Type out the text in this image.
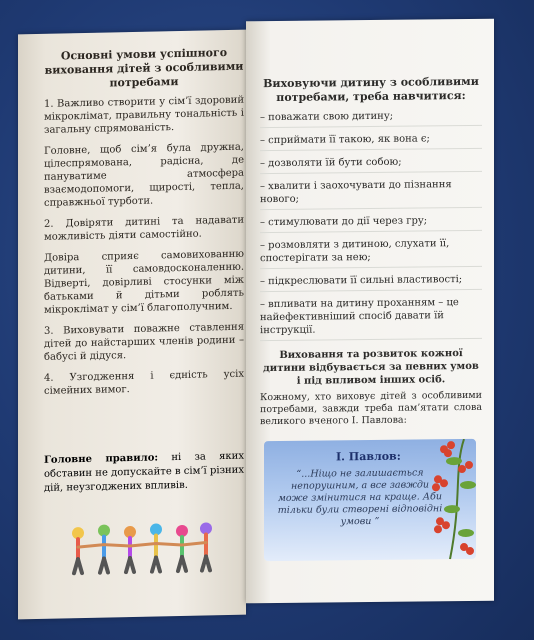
Основні умови успішного виховання дітей з особливими потребами
1. Важливо створити у сім’ї здоровий мікроклімат, правильну тональність і загальну спрямованість.
Головне, щоб сім’я була дружна, цілеспрямована, радісна, де пануватиме атмосфера взаємодопомоги, щирості, тепла, справжньої турботи.
2. Довіряти дитині та надавати можливість діяти самостійно.
Довіра сприяє самовихованню дитини, її самовдосконаленню. Відверті, довірливі стосунки між батьками й дітьми роблять мікроклімат у сім’ї благополучним.
3. Виховувати поважне ставлення дітей до найстарших членів родини – бабусі й дідуся.
4. Узгодження і єдність усіх сімейних вимог.
Головне правило: ні за яких обставин не допускайте в сім’ї різних дій, неузгоджених впливів.
Виховуючи дитину з особливими потребами, треба навчитися:
– поважати свою дитину;
– сприймати її такою, як вона є;
– дозволяти їй бути собою;
– хвалити і заохочувати до пізнання нового;
– стимулювати до дії через гру;
– розмовляти з дитиною, слухати її, спостерігати за нею;
– підкреслювати її сильні властивості;
– впливати на дитину проханням – це найефективніший спосіб давати їй інструкції.
Виховання та розвиток кожної дитини відбувається за певних умов і під впливом інших осіб.
Кожному, хто виховує дітей з особливими потребами, завжди треба пам’ятати слова великого вченого І. Павлова:
І. Павлов:
“...Ніщо не залишається непорушним, а все завжди може змінитися на краще. Аби тільки були створені відповідні умови ”
